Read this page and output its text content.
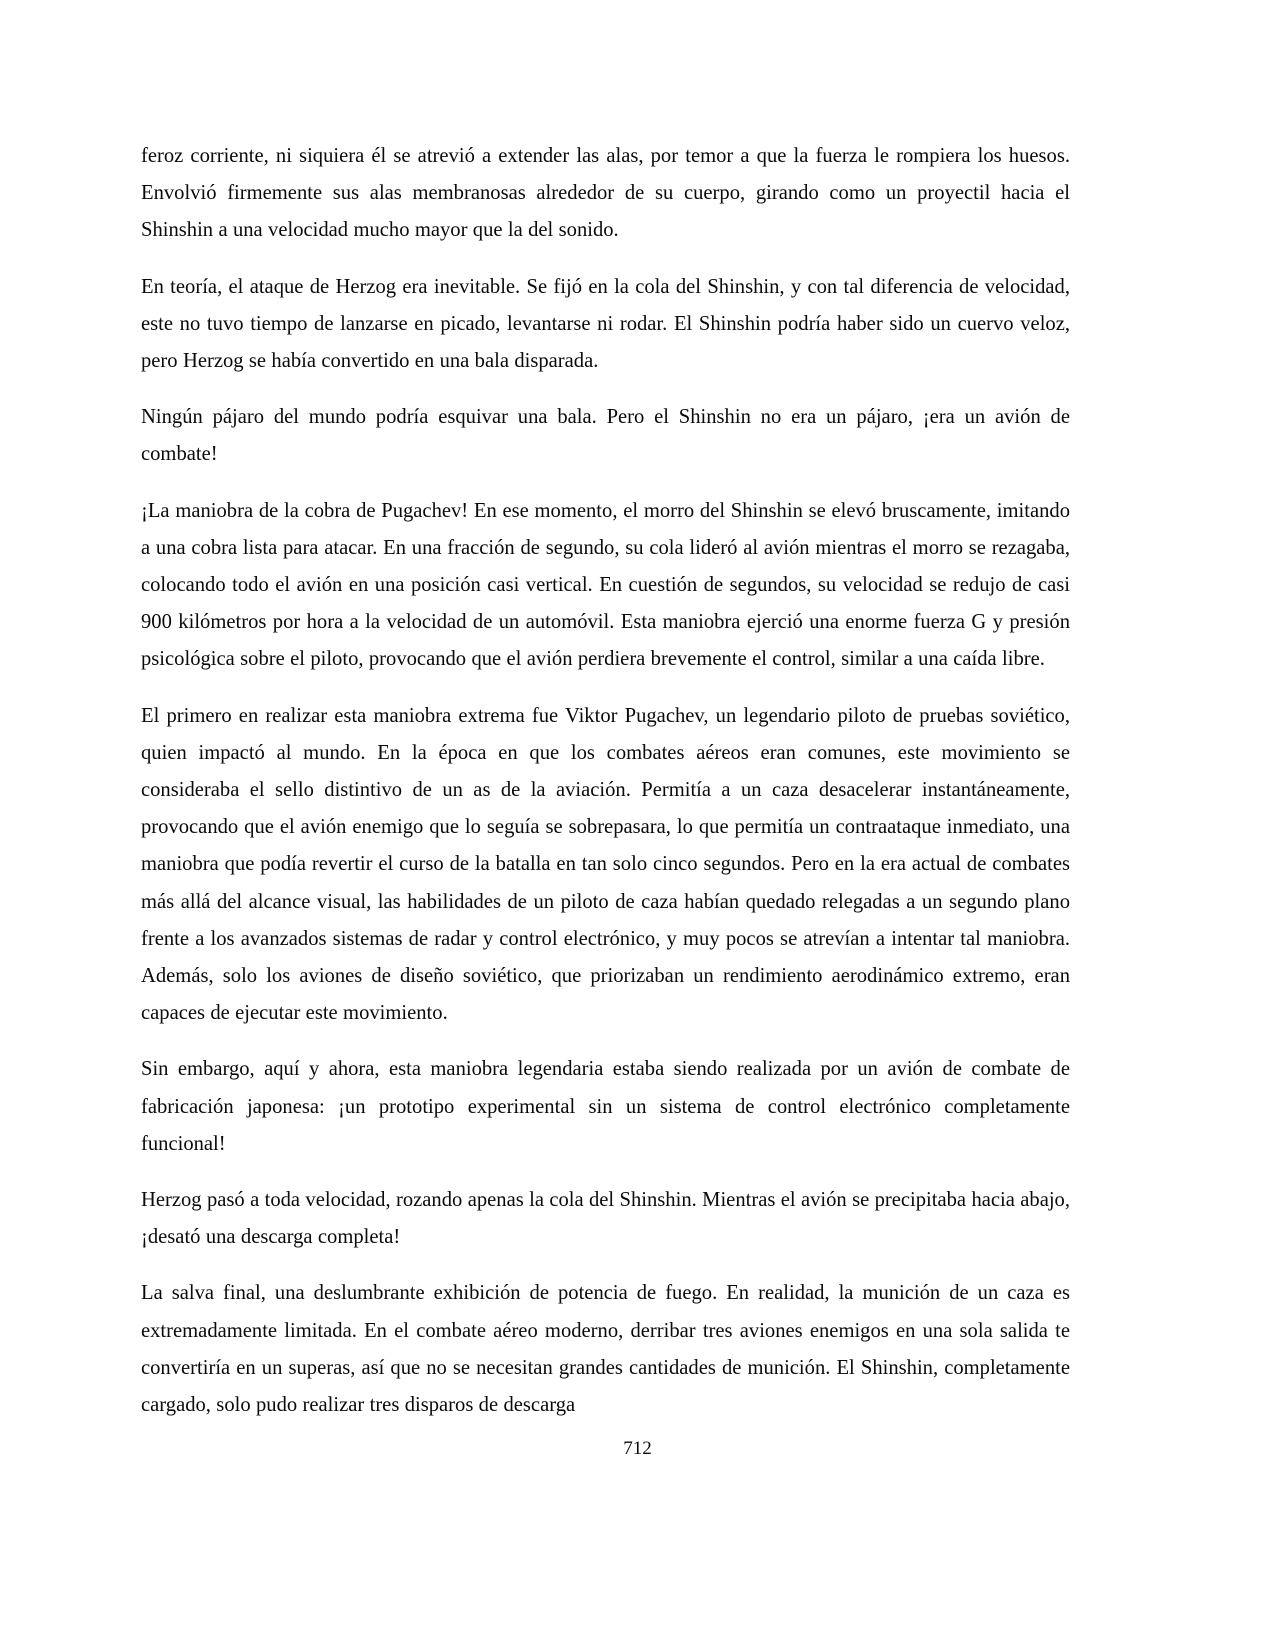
feroz corriente, ni siquiera él se atrevió a extender las alas, por temor a que la fuerza le rompiera los huesos. Envolvió firmemente sus alas membranosas alrededor de su cuerpo, girando como un proyectil hacia el Shinshin a una velocidad mucho mayor que la del sonido.

En teoría, el ataque de Herzog era inevitable. Se fijó en la cola del Shinshin, y con tal diferencia de velocidad, este no tuvo tiempo de lanzarse en picado, levantarse ni rodar. El Shinshin podría haber sido un cuervo veloz, pero Herzog se había convertido en una bala disparada.

Ningún pájaro del mundo podría esquivar una bala. Pero el Shinshin no era un pájaro, ¡era un avión de combate!

¡La maniobra de la cobra de Pugachev! En ese momento, el morro del Shinshin se elevó bruscamente, imitando a una cobra lista para atacar. En una fracción de segundo, su cola lideró al avión mientras el morro se rezagaba, colocando todo el avión en una posición casi vertical. En cuestión de segundos, su velocidad se redujo de casi 900 kilómetros por hora a la velocidad de un automóvil. Esta maniobra ejerció una enorme fuerza G y presión psicológica sobre el piloto, provocando que el avión perdiera brevemente el control, similar a una caída libre.

El primero en realizar esta maniobra extrema fue Viktor Pugachev, un legendario piloto de pruebas soviético, quien impactó al mundo. En la época en que los combates aéreos eran comunes, este movimiento se consideraba el sello distintivo de un as de la aviación. Permitía a un caza desacelerar instantáneamente, provocando que el avión enemigo que lo seguía se sobrepasara, lo que permitía un contraataque inmediato, una maniobra que podía revertir el curso de la batalla en tan solo cinco segundos. Pero en la era actual de combates más allá del alcance visual, las habilidades de un piloto de caza habían quedado relegadas a un segundo plano frente a los avanzados sistemas de radar y control electrónico, y muy pocos se atrevían a intentar tal maniobra. Además, solo los aviones de diseño soviético, que priorizaban un rendimiento aerodinámico extremo, eran capaces de ejecutar este movimiento.

Sin embargo, aquí y ahora, esta maniobra legendaria estaba siendo realizada por un avión de combate de fabricación japonesa: ¡un prototipo experimental sin un sistema de control electrónico completamente funcional!

Herzog pasó a toda velocidad, rozando apenas la cola del Shinshin. Mientras el avión se precipitaba hacia abajo, ¡desató una descarga completa!

La salva final, una deslumbrante exhibición de potencia de fuego. En realidad, la munición de un caza es extremadamente limitada. En el combate aéreo moderno, derribar tres aviones enemigos en una sola salida te convertiría en un superas, así que no se necesitan grandes cantidades de munición. El Shinshin, completamente cargado, solo pudo realizar tres disparos de descarga

712
